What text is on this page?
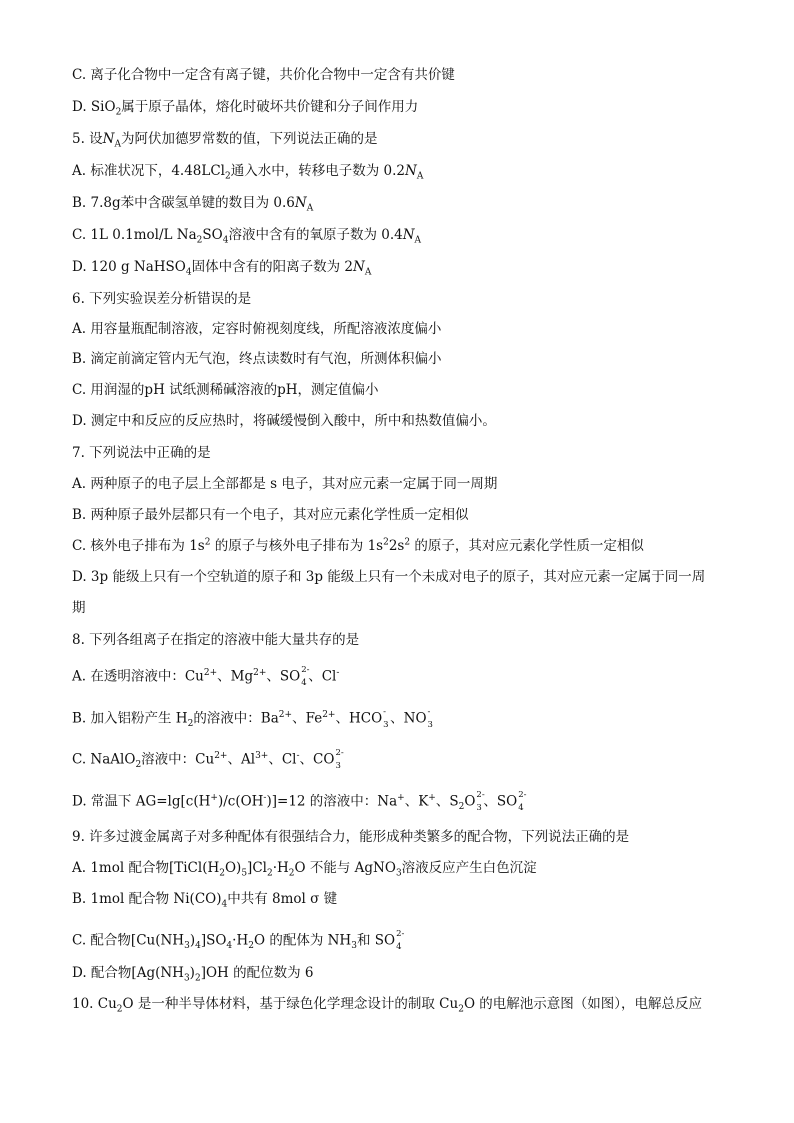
C. 离子化合物中一定含有离子键，共价化合物中一定含有共价键
D. SiO$_2$属于原子晶体，熔化时破坏共价键和分子间作用力
5. 设$N_A$为阿伏加德罗常数的值，下列说法正确的是
A. 标准状况下，4.48LCl$_2$通入水中，转移电子数为 $0.2N_A$
B. 7.8g苯中含碳氢单键的数目为 $0.6N_A$
C. 1L 0.1mol/L $Na_2SO_4$溶液中含有的氧原子数为 $0.4N_A$
D. 120 g NaHSO$_4$固体中含有的阳离子数为 $2N_A$
6. 下列实验误差分析错误的是
A. 用容量瓶配制溶液，定容时俯视刻度线，所配溶液浓度偏小
B. 滴定前滴定管内无气泡，终点读数时有气泡，所测体积偏小
C. 用润湿的pH 试纸测稀碱溶液的pH，测定值偏小
D. 测定中和反应的反应热时，将碱缓慢倒入酸中，所中和热数值偏小。
7. 下列说法中正确的是
A. 两种原子的电子层上全部都是 s 电子，其对应元素一定属于同一周期
B. 两种原子最外层都只有一个电子，其对应元素化学性质一定相似
C. 核外电子排布为 $1s^2$ 的原子与核外电子排布为 $1s^22s^2$ 的原子，其对应元素化学性质一定相似
D. 3p 能级上只有一个空轨道的原子和 3p 能级上只有一个未成对电子的原子，其对应元素一定属于同一周
期
8. 下列各组离子在指定的溶液中能大量共存的是
A. 在透明溶液中：$Cu^{2+}$、$Mg^{2+}$、SO 2-
4 、Cl-
B. 加入铝粉产生 $H_2$的溶液中：$Ba^{2+}$、$Fe^{2+}$、HCO -
3 、NO -
3
C. NaAlO$_2$溶液中：$Cu^{2+}$、$Al^{3+}$、Cl-、CO 2-
3
D. 常温下 AG=lg[c(H+)/c(OH-)]=12 的溶液中：Na+、K+、$S_2O$ 2-
3 、SO 2-
4
9. 许多过渡金属离子对多种配体有很强结合力，能形成种类繁多的配合物，下列说法正确的是
A. 1mol 配合物$[TiCl(H_2O)_5]Cl_2\cdot H_2O$ 不能与 AgNO$_3$溶液反应产生白色沉淀
B. 1mol 配合物 $Ni(CO)_4$中共有 8mol σ 键
C. 配合物$[Cu(NH_3)_4]SO_4\cdot H_2O$ 的配体为 $NH_3$和 SO 2-
4
D. 配合物$[Ag(NH_3)_2]OH$ 的配位数为 6
10. $Cu_2O$ 是一种半导体材料，基于绿色化学理念设计的制取 $Cu_2O$ 的电解池示意图（如图），电解总反应
